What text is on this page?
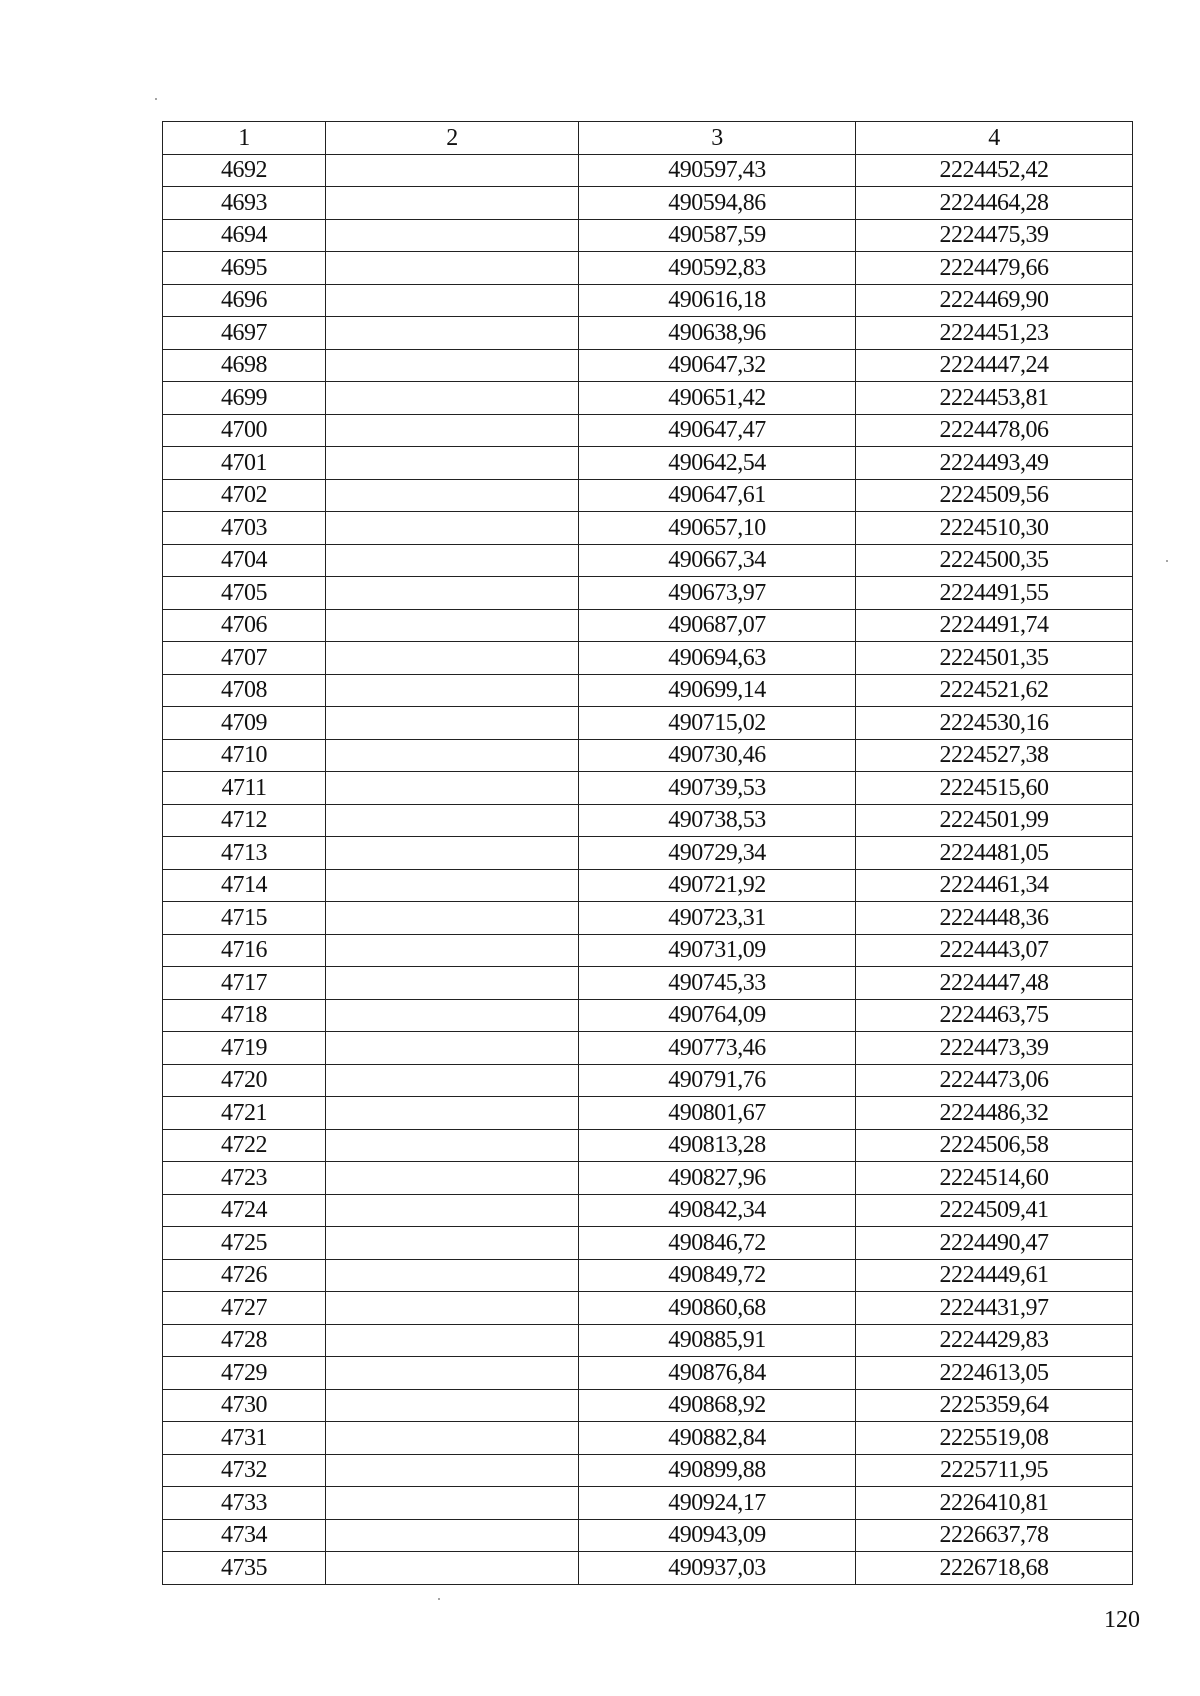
1	2	3	4
4692		490597,43	2224452,42
4693		490594,86	2224464,28
4694		490587,59	2224475,39
4695		490592,83	2224479,66
4696		490616,18	2224469,90
4697		490638,96	2224451,23
4698		490647,32	2224447,24
4699		490651,42	2224453,81
4700		490647,47	2224478,06
4701		490642,54	2224493,49
4702		490647,61	2224509,56
4703		490657,10	2224510,30
4704		490667,34	2224500,35
4705		490673,97	2224491,55
4706		490687,07	2224491,74
4707		490694,63	2224501,35
4708		490699,14	2224521,62
4709		490715,02	2224530,16
4710		490730,46	2224527,38
4711		490739,53	2224515,60
4712		490738,53	2224501,99
4713		490729,34	2224481,05
4714		490721,92	2224461,34
4715		490723,31	2224448,36
4716		490731,09	2224443,07
4717		490745,33	2224447,48
4718		490764,09	2224463,75
4719		490773,46	2224473,39
4720		490791,76	2224473,06
4721		490801,67	2224486,32
4722		490813,28	2224506,58
4723		490827,96	2224514,60
4724		490842,34	2224509,41
4725		490846,72	2224490,47
4726		490849,72	2224449,61
4727		490860,68	2224431,97
4728		490885,91	2224429,83
4729		490876,84	2224613,05
4730		490868,92	2225359,64
4731		490882,84	2225519,08
4732		490899,88	2225711,95
4733		490924,17	2226410,81
4734		490943,09	2226637,78
4735		490937,03	2226718,68
120
